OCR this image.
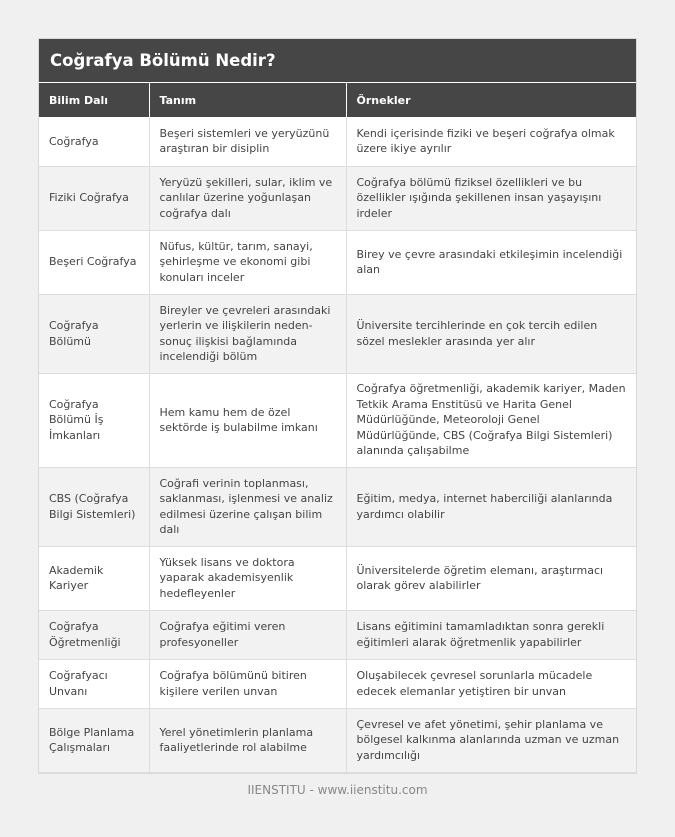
Coğrafya Bölümü Nedir?
Bilim Dalı	Tanım	Örnekler
Coğrafya	Beşeri sistemleri ve yeryüzünü araştıran bir disiplin	Kendi içerisinde fiziki ve beşeri coğrafya olmak üzere ikiye ayrılır
Fiziki Coğrafya	Yeryüzü şekilleri, sular, iklim ve canlılar üzerine yoğunlaşan coğrafya dalı	Coğrafya bölümü fiziksel özellikleri ve bu özellikler ışığında şekillenen insan yaşayışını irdeler
Beşeri Coğrafya	Nüfus, kültür, tarım, sanayi, şehirleşme ve ekonomi gibi konuları inceler	Birey ve çevre arasındaki etkileşimin incelendiği alan
Coğrafya Bölümü	Bireyler ve çevreleri arasındaki yerlerin ve ilişkilerin neden-sonuç ilişkisi bağlamında incelendiği bölüm	Üniversite tercihlerinde en çok tercih edilen sözel meslekler arasında yer alır
Coğrafya Bölümü İş İmkanları	Hem kamu hem de özel sektörde iş bulabilme imkanı	Coğrafya öğretmenliği, akademik kariyer, Maden Tetkik Arama Enstitüsü ve Harita Genel Müdürlüğünde, Meteoroloji Genel Müdürlüğünde, CBS (Coğrafya Bilgi Sistemleri) alanında çalışabilme
CBS (Coğrafya Bilgi Sistemleri)	Coğrafi verinin toplanması, saklanması, işlenmesi ve analiz edilmesi üzerine çalışan bilim dalı	Eğitim, medya, internet haberciliği alanlarında yardımcı olabilir
Akademik Kariyer	Yüksek lisans ve doktora yaparak akademisyenlik hedefleyenler	Üniversitelerde öğretim elemanı, araştırmacı olarak görev alabilirler
Coğrafya Öğretmenliği	Coğrafya eğitimi veren profesyoneller	Lisans eğitimini tamamladıktan sonra gerekli eğitimleri alarak öğretmenlik yapabilirler
Coğrafyacı Unvanı	Coğrafya bölümünü bitiren kişilere verilen unvan	Oluşabilecek çevresel sorunlarla mücadele edecek elemanlar yetiştiren bir unvan
Bölge Planlama Çalışmaları	Yerel yönetimlerin planlama faaliyetlerinde rol alabilme	Çevresel ve afet yönetimi, şehir planlama ve bölgesel kalkınma alanlarında uzman ve uzman yardımcılığı
IIENSTITU - www.iienstitu.com
